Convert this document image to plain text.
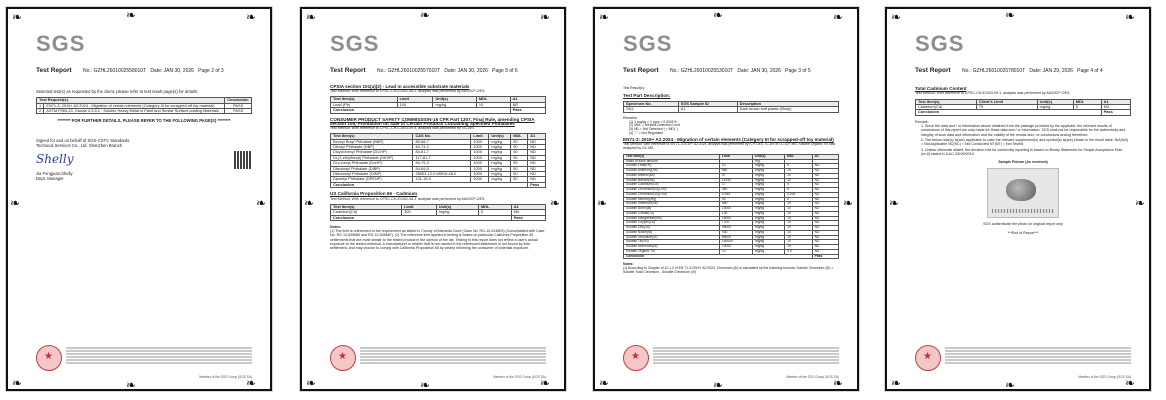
SGS
Test Report No.: GZHL2601002558010T Date: JAN 30, 2026 Page 2 of 3

Selected test(s) as requested by the client, please refer to test result page(s) for details:

Test Request(s)		Conclusion
1	EN71-3: 2019+ A2:2024 - Migration of certain elements (Category III for scrapped-off toy material)	PASS
2	ASTM F963-23, Clause 4.3.5.1 - Soluble Heavy Metal in Paint and Similar Surface-coating Materials	PASS

******** FOR FURTHER DETAILS, PLEASE REFER TO THE FOLLOWING PAGE(S) ********

Signed for and on behalf of SGS-CSTC Standards Technical Services Co., Ltd. Shenzhen Branch

Shelly

Jia Fengjuan,Shelly

Dept. Manager

★
Member of the SGS Group (SGS SA)
❧	❧	❧
❧	❧
❧	❧	❧
SGS
Test Report No.: GZHL2601002557010T Date: JAN 30, 2026 Page 5 of 6
CPSIA section 101(a)(2) - Lead in accessible substrate materials

Test Method: With reference to CPSC-CH-E1002-08.3, analysis was performed by AAS/ICP-OES.

Test Item(s)	Limit	Unit(s)	MDL	A1
Lead (Pb)	100	mg/kg	10	ND
Conclusion				Pass
CONSUMER PRODUCT SAFETY COMMISSION-16 CFR Part 1307, Final Rule, amending CPSIA section 108, Prohibition on Sale of Certain Products Containing Specified Phthalates

Test Method: With reference to CPSC-CH-C1001-09.4, analysis was performed by GC-MS.

Test Item(s)	CAS No.	Limit	Unit(s)	MDL	A1
Benzyl Butyl Phthalate (BBP)	85-68-7	1000	mg/kg	50	ND
Dibutyl Phthalate (DBP)	84-74-2	1000	mg/kg	50	ND
Dicyclohexyl Phthalate (DCHP)	84-61-7	1000	mg/kg	50	ND
Di-(2-ethylhexyl) Phthalate (DEHP)	117-81-7	1000	mg/kg	50	ND
Di-n-hexyl Phthalate (DnHP)	84-75-3	1000	mg/kg	50	ND
Diisobutyl Phthalate (DIBP)	84-69-5	1000	mg/kg	50	ND
Diisononyl Phthalate (DINP)	28553-12-0 68515-48-0	1000	mg/kg	50	ND
Dipentyl Phthalate (DPENP)	131-18-0	1000	mg/kg	50	ND
Conclusion					Pass
US California Proposition 65 - Cadmium

Test Method: With reference to CPSC-CH-E1002-08.3, analysis was performed by AAS/ICP-OES.

Test Item(s)	Limit	Unit(s)	MDL	A1
Cadmium(Cd)	300	mg/kg	5	ND
Conclusion				Pass
Notes:

(1) The limit is referenced to the requirement as stated in County of Alameda Court (Case No. RG-10-514803) (Consolidated with Case No. RG 10-545685 and RG 10-545687). (2) The reference limit applied in testing is based on particular California Proposition 65 settlements that are most similar to the tested product in the opinion of the lab. Testing to this report does not reflect a user's actual exposure to the tested chemical. A manufacturer or retailer that is not named in the referenced settlement is not bound by that settlement, and may choose to comply with California Proposition 65 by clearly informing the consumer of potential exposure.

★
Member of the SGS Group (SGS SA)
❧	❧	❧
❧	❧
❧	❧	❧
SGS
Test Report No.: GZHL2601002553010T Date: JAN 30, 2026 Page 3 of 5

Test Result(s):

Test Part Description:
Specimen No.	SGS Sample ID	Description
SN1	A1	Dark brown soft plastic (Body)

Remarks:

(1) 1 mg/kg = 1 ppm = 0.0001%

(2) MDL = Method Detection Limit

(3) ND = Not Detected ( < MDL )

(4) "-" = Not Regulated

EN71-3: 2019+ A2:2024 - Migration of certain elements (Category III for scrapped-off toy material)

Test Method: With reference to EN 71-3:2019+ A2:2024, analysis was performed by ICP-OES, IC-UV or LC-ICP-MS. Soluble Organic Tin was analyzed by GC-MS.

Test Item(s)	Limit	Unit(s)	MDL	A1
Mass of trace amount	-	mg	-	-
Soluble Lead(Pb)	23	mg/kg	5	ND
Soluble Antimony(Sb)	560	mg/kg	10	ND
Soluble Arsenic(As)	47	mg/kg	10	ND
Soluble Barium(Ba)	18750	mg/kg	10	ND
Soluble Cadmium(Cd)	17	mg/kg	5	ND
Soluble Chromium(III)(CrIII)	460	mg/kg	5	ND
Soluble Chromium(VI)(CrVI)	0.053	mg/kg	0.025	ND
Soluble Mercury(Hg)	94	mg/kg	5	ND
Soluble Selenium(Se)	460	mg/kg	10	ND
Soluble Boron(B)	15000	mg/kg	10	ND
Soluble Cobalt(Co)	130	mg/kg	10	ND
Soluble Manganese(Mn)	15000	mg/kg	10	ND
Soluble Copper(Cu)	7700	mg/kg	10	ND
Soluble Zinc(Zn)	46000	mg/kg	10	ND
Soluble Nickel(Ni)	930	mg/kg	10	ND
Soluble Strontium(Sr)	56000	mg/kg	10	ND
Soluble Tin(Sn)	180000	mg/kg	10	ND
Soluble Aluminum(Al)	70000	mg/kg	10	ND
Soluble Organic Tin	12	mg/kg	3.0	ND
Conclusion				Pass
Notes:

(1) According to Chapter of 10.1.2 of EN 71-3:2019+ A2:2024, Chromium (III) is calculated by the following formula: Soluble Chromium (III) = Soluble Total Chromium - Soluble Chromium (VI)

★
Member of the SGS Group (SGS SA)
❧	❧	❧
❧	❧
❧	❧	❧
SGS
Test Report No.: GZHL2601002578010T Date: JAN 29, 2026 Page 4 of 4
Total Cadmium Content

Test Method: With reference to CPSC-CH-E1003-09.1, analysis was performed by AAS/ICP-OES.

Test Item(s)	Client's Limit	Unit(s)	MDL	A1
Cadmium(Cd)	75	mg/kg	5	ND
Conclusion				Pass

Remark:

1. Since the data and / or information above obtained from the package provided by the applicant, the relevant results of conclusions of this report are only made for these data and / or information. SGS shall not be responsible for the authenticity and integrity of such data and information and the validity of the results and / or conclusions arising therefrom.

2. The below note(s) is(are) applicable to case the relevant supplement(s) and symbol(s) is(are) shown in the result table: N/A(NA) = Not Applicable NC(NC) = Not Conducted NT(NT) = Not Tested

3. Unless otherwise stated, the decision rule for conformity reporting is based on Binary Statement for Simple Acceptance Rule (w=0) stated in ILAC-G8:09/2019.

Sample Picture (As received)

SGS authenticate the photo on original report only

***End of Report***

★
Member of the SGS Group (SGS SA)
❧	❧	❧
❧	❧
❧	❧	❧
